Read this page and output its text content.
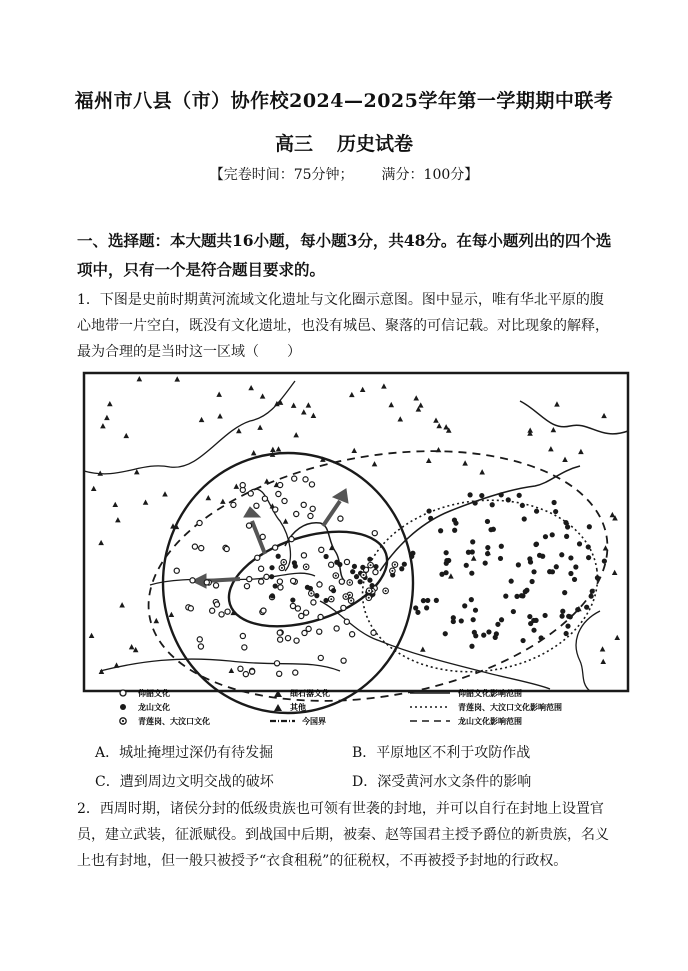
福州市八县（市）协作校2024—2025学年第一学期期中联考
高三 历史试卷
【完卷时间：75分钟； 满分：100分】
一、选择题：本大题共16小题，每小题3分，共48分。在每小题列出的四个选项中，只有一个是符合题目要求的。
1．下图是史前时期黄河流域文化遗址与文化圈示意图。图中显示，唯有华北平原的腹心地带一片空白，既没有文化遗址，也没有城邑、聚落的可信记载。对比现象的解释，最为合理的是当时这一区域（　　）
仰韶文化
龙山文化
青莲岗、大汶口文化
细石器文化
其他
今国界
仰韶文化影响范围
青莲岗、大汶口文化影响范围
龙山文化影响范围
A．城址掩埋过深仍有待发掘	B．平原地区不利于攻防作战
C．遭到周边文明交战的破坏	D．深受黄河水文条件的影响
2．西周时期，诸侯分封的低级贵族也可领有世袭的封地，并可以自行在封地上设置官员，建立武装，征派赋役。到战国中后期，被秦、赵等国君主授予爵位的新贵族，名义上也有封地，但一般只被授予“衣食租税”的征税权，不再被授予封地的行政权。
